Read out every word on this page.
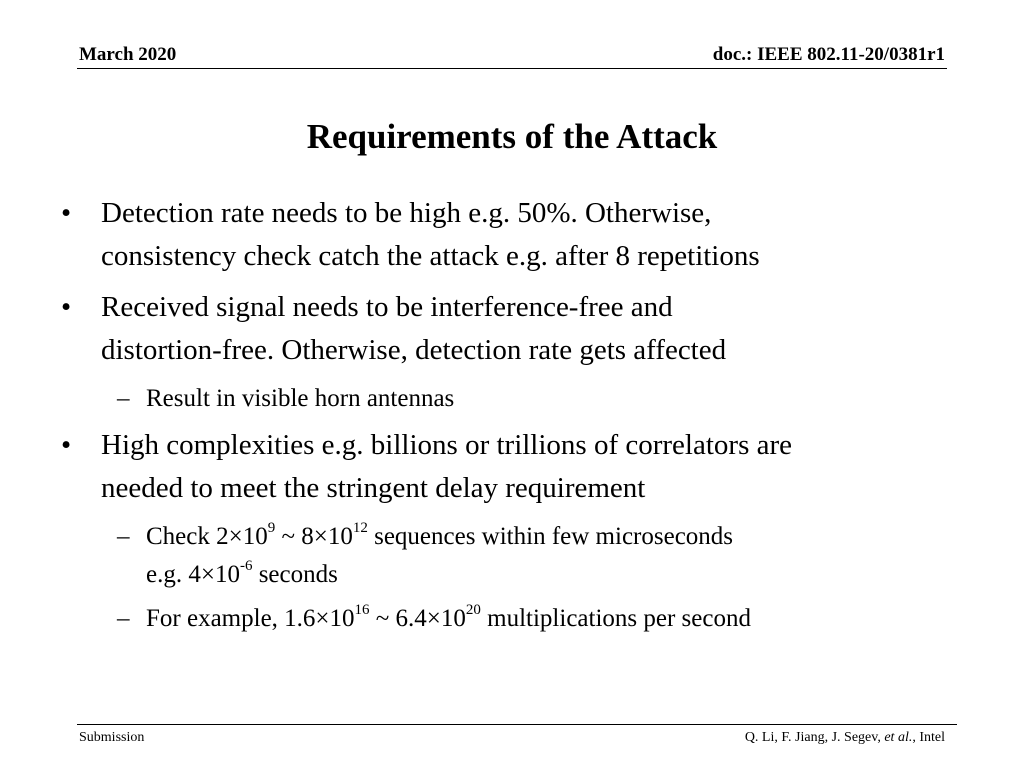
March 2020	doc.: IEEE 802.11-20/0381r1
Requirements of the Attack
• Detection rate needs to be high e.g. 50%. Otherwise,
consistency check catch the attack e.g. after 8 repetitions
• Received signal needs to be interference-free and
distortion-free. Otherwise, detection rate gets affected
– Result in visible horn antennas
• High complexities e.g. billions or trillions of correlators are
needed to meet the stringent delay requirement
– Check $2\times 10^9$ ~ $8\times 10^{12}$ sequences within few microseconds
e.g. $4\times 10^{-6}$ seconds
– For example, $1.6\times 10^{16}$ ~ $6.4\times 10^{20}$ multiplications per second
Submission	Q. Li, F. Jiang, J. Segev, et al., Intel
